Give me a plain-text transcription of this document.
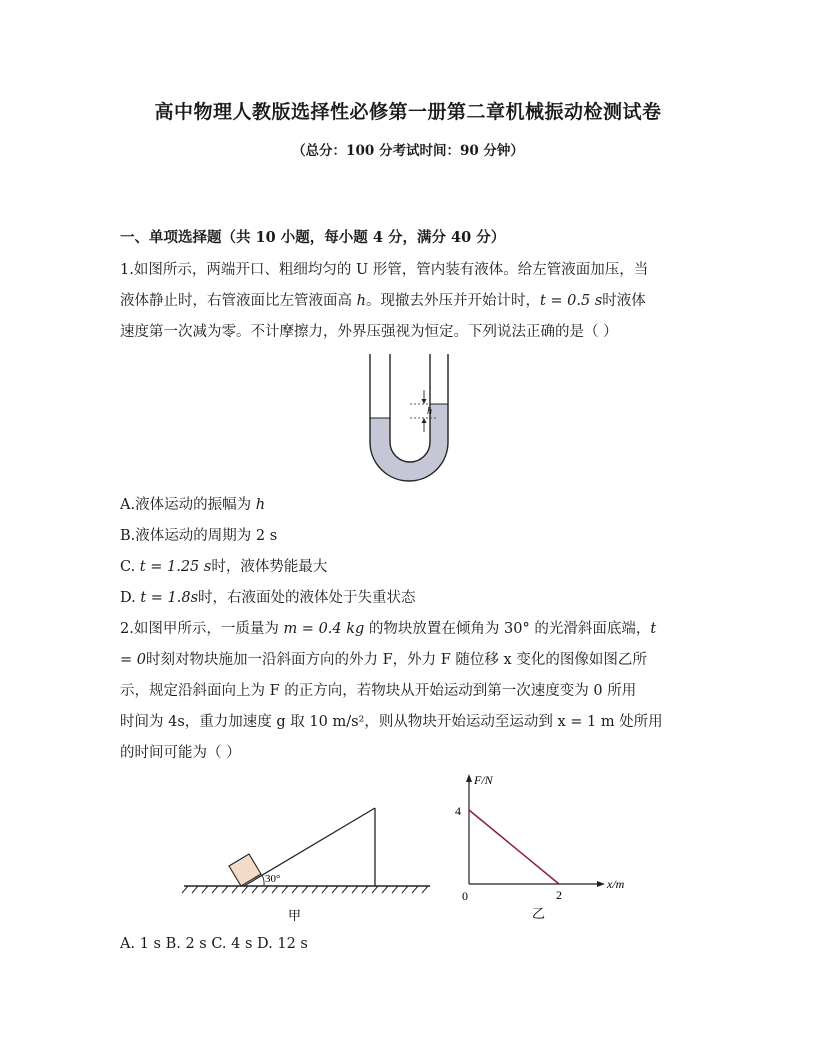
高中物理人教版选择性必修第一册第二章机械振动检测试卷
（总分：100 分考试时间：90 分钟）
一、单项选择题（共 10 小题，每小题 4 分，满分 40 分）
1.如图所示，两端开口、粗细均匀的 U 形管，管内装有液体。给左管液面加压，当
液体静止时，右管液面比左管液面高 h。现撤去外压并开始计时，t = 0.5 s时液体
速度第一次减为零。不计摩擦力，外界压强视为恒定。下列说法正确的是（ ）
h
A.液体运动的振幅为 h
B.液体运动的周期为 2 s
C. t = 1.25 s时，液体势能最大
D. t = 1.8s时，右液面处的液体处于失重状态
2.如图甲所示，一质量为 m = 0.4 kg 的物块放置在倾角为 30° 的光滑斜面底端，t
= 0时刻对物块施加一沿斜面方向的外力 F，外力 F 随位移 x 变化的图像如图乙所
示，规定沿斜面向上为 F 的正方向，若物块从开始运动到第一次速度变为 0 所用
时间为 4s，重力加速度 g 取 10 m/s²，则从物块开始运动至运动到 x = 1 m 处所用
的时间可能为（ ）
30°
甲
F/N
x/m
0
4
2
乙
A. 1 s B. 2 s C. 4 s D. 12 s
